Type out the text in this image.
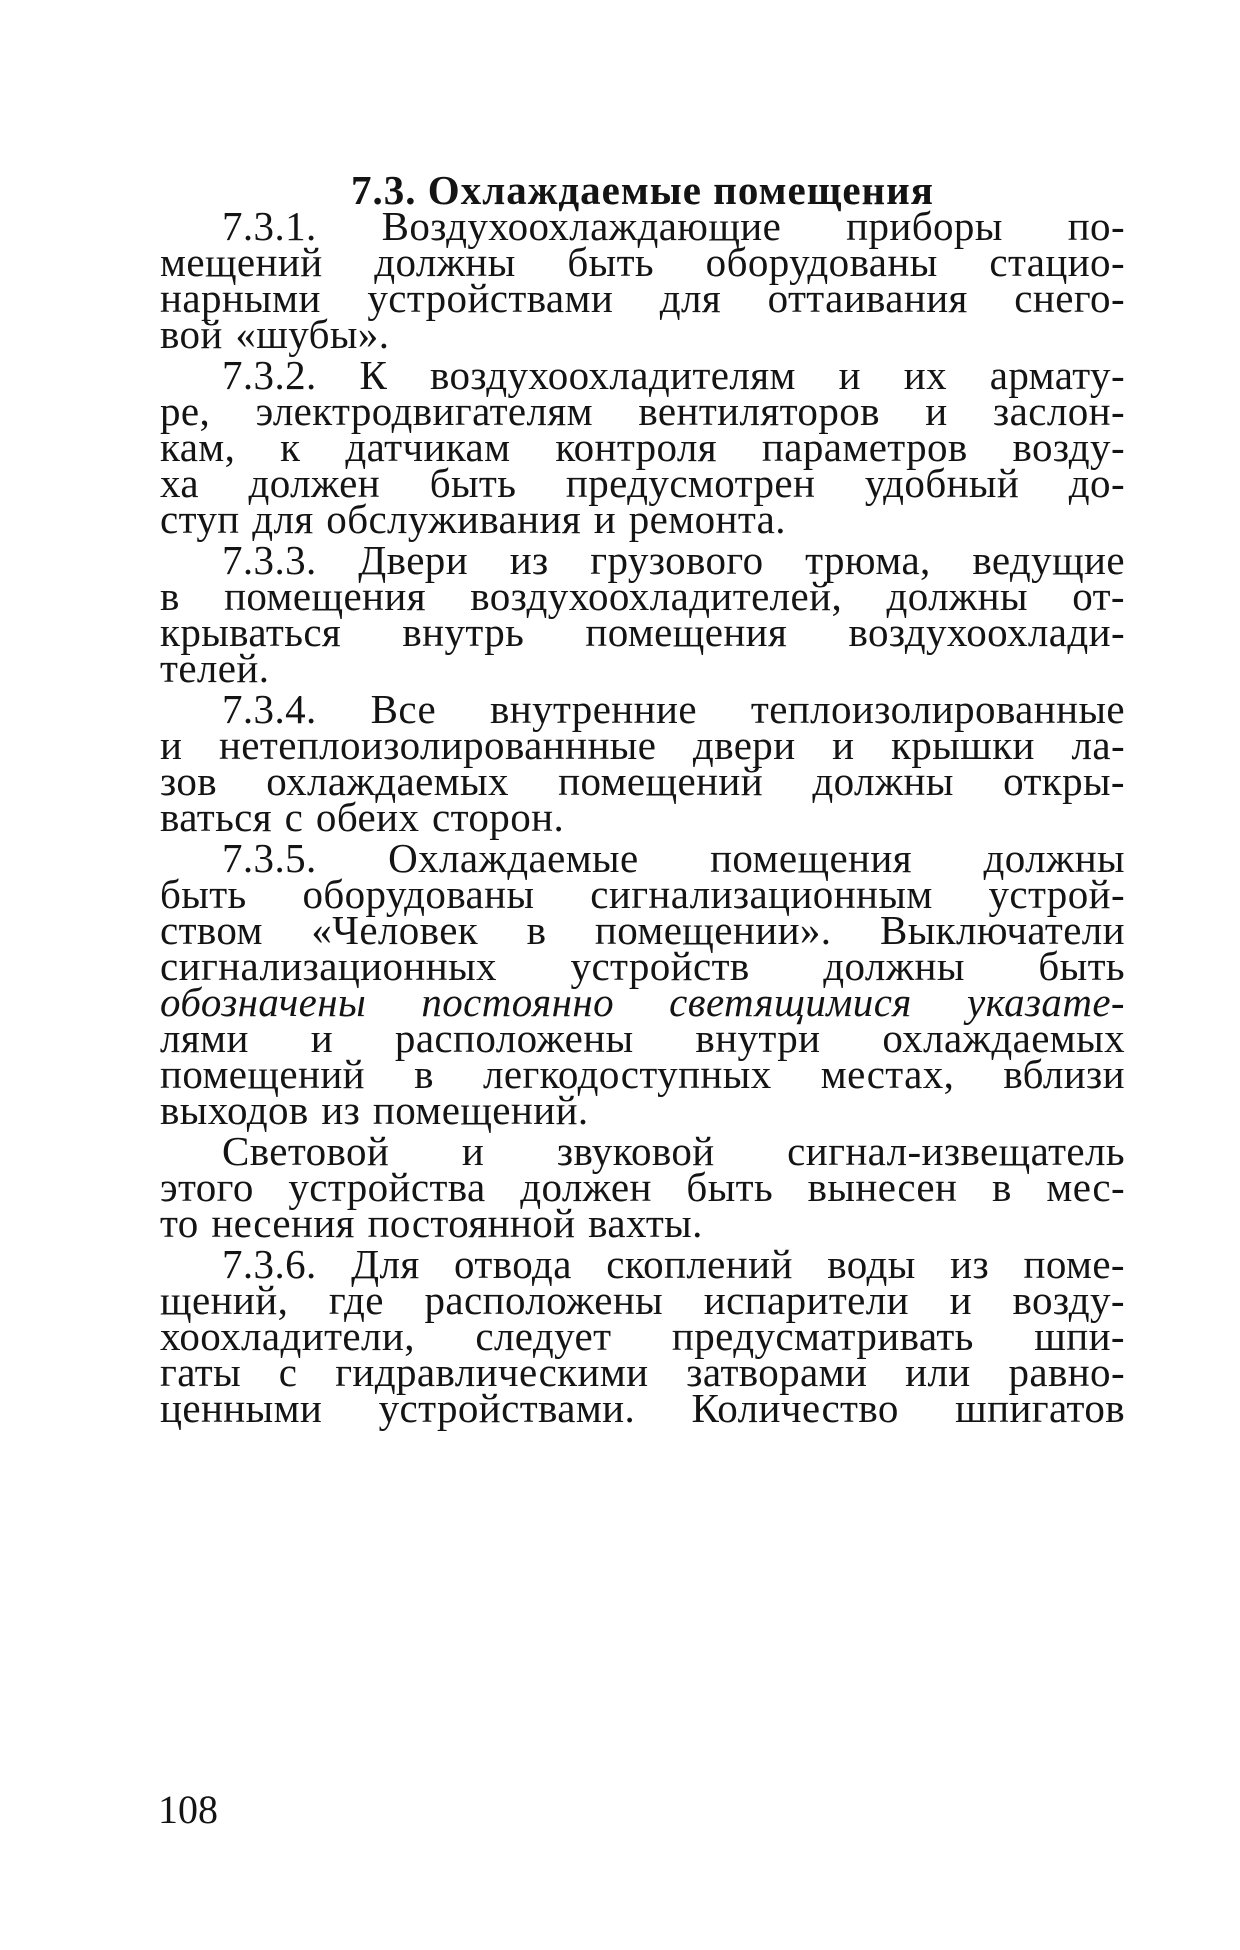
7.3. Охлаждаемые помещения
7.3.1. Воздухоохлаждающие приборы по-
мещений должны быть оборудованы стацио-
нарными устройствами для оттаивания снего-
вой «шубы».
7.3.2. К воздухоохладителям и их армату-
ре, электродвигателям вентиляторов и заслон-
кам, к датчикам контроля параметров возду-
ха должен быть предусмотрен удобный до-
ступ для обслуживания и ремонта.
7.3.3. Двери из грузового трюма, ведущие
в помещения воздухоохладителей, должны от-
крываться внутрь помещения воздухоохлади-
телей.
7.3.4. Все внутренние теплоизолированные
и нетеплоизолированнные двери и крышки ла-
зов охлаждаемых помещений должны откры-
ваться с обеих сторон.
7.3.5. Охлаждаемые помещения должны
быть оборудованы сигнализационным устрой-
ством «Человек в помещении». Выключатели
сигнализационных устройств должны быть
обозначены постоянно светящимися указате-
лями и расположены внутри охлаждаемых
помещений в легкодоступных местах, вблизи
выходов из помещений.
Световой и звуковой сигнал-извещатель
этого устройства должен быть вынесен в мес-
то несения постоянной вахты.
7.3.6. Для отвода скоплений воды из поме-
щений, где расположены испарители и возду-
хоохладители, следует предусматривать шпи-
гаты с гидравлическими затворами или равно-
ценными устройствами. Количество шпигатов
108
